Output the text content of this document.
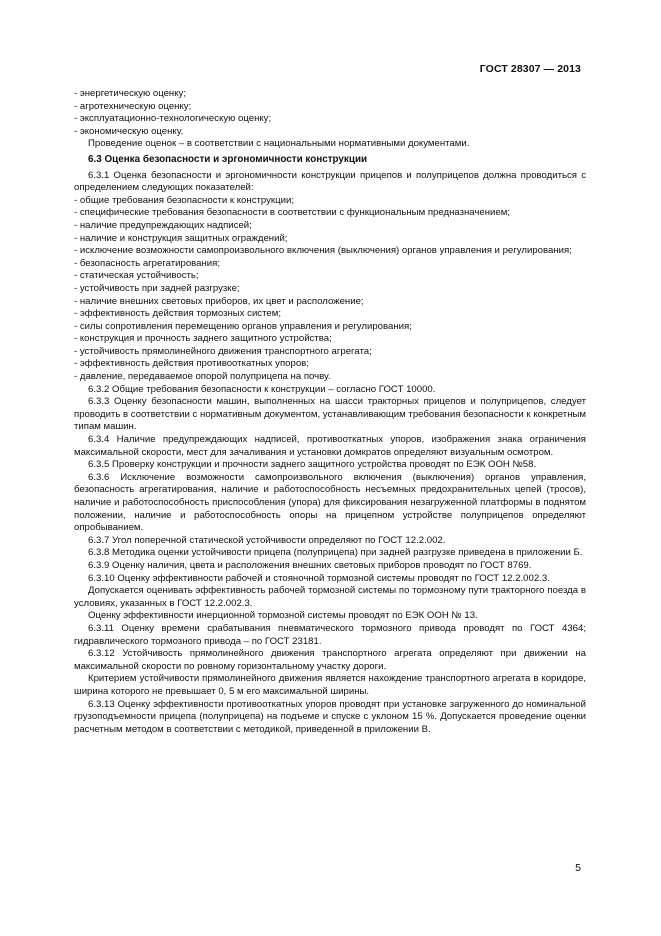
ГОСТ 28307 — 2013

- энергетическую оценку;

- агротехническую оценку;

- эксплуатационно-технологическую оценку;

- экономическую оценку.

Проведение оценок – в соответствии с национальными нормативными документами.

6.3 Оценка безопасности и эргономичности конструкции

6.3.1 Оценка безопасности и эргономичности конструкции прицепов и полуприцепов должна проводиться с определением следующих показателей:

- общие требования безопасности к конструкции;

- специфические требования безопасности в соответствии с функциональным предназначением;

- наличие предупреждающих надписей;

- наличие и конструкция защитных ограждений;

- исключение возможности самопроизвольного включения (выключения) органов управления и регулирования;

- безопасность агрегатирования;

- статическая устойчивость;

- устойчивость при задней разгрузке;

- наличие внешних световых приборов, их цвет и расположение;

- эффективность действия тормозных систем;

- силы сопротивления перемещению органов управления и регулирования;

- конструкция и прочность заднего защитного устройства;

- устойчивость прямолинейного движения транспортного агрегата;

- эффективность действия противооткатных упоров;

- давление, передаваемое опорой полуприцепа на почву.

6.3.2 Общие требования безопасности к конструкции – согласно ГОСТ 10000.

6.3.3 Оценку безопасности машин, выполненных на шасси тракторных прицепов и полуприцепов, следует проводить в соответствии с нормативным документом, устанавливающим требования безопасности к конкретным типам машин.

6.3.4 Наличие предупреждающих надписей, противооткатных упоров, изображения знака ограничения максимальной скорости, мест для зачаливания и установки домкратов определяют визуальным осмотром.

6.3.5 Проверку конструкции и прочности заднего защитного устройства проводят по ЕЭК ООН №58.

6.3.6 Исключение возможности самопроизвольного включения (выключения) органов управления, безопасность агрегатирования, наличие и работоспособность несъемных предохранительных цепей (тросов), наличие и работоспособность приспособления (упора) для фиксирования незагруженной платформы в поднятом положении, наличие и работоспособность опоры на прицепном устройстве полуприцепов определяют опробыванием.

6.3.7 Угол поперечной статической устойчивости определяют по ГОСТ 12.2.002.

6.3.8 Методика оценки устойчивости прицепа (полуприцепа) при задней разгрузке приведена в приложении Б.

6.3.9 Оценку наличия, цвета и расположения внешних световых приборов проводят по ГОСТ 8769.

6.3.10 Оценку эффективности рабочей и стояночной тормозной системы проводят по ГОСТ 12.2.002.3.

Допускается оценивать эффективность рабочей тормозной системы по тормозному пути тракторного поезда в условиях, указанных в ГОСТ 12.2.002.3.

Оценку эффективности инерционной тормозной системы проводят по ЕЭК ООН № 13.

6.3.11 Оценку времени срабатывания пневматического тормозного привода проводят по ГОСТ 4364; гидравлического тормозного привода – по ГОСТ 23181.

6.3.12 Устойчивость прямолинейного движения транспортного агрегата определяют при движении на максимальной скорости по ровному горизонтальному участку дороги.

Критерием устойчивости прямолинейного движения является нахождение транспортного агрегата в коридоре, ширина которого не превышает 0, 5 м его максимальной ширины.

6.3.13 Оценку эффективности противооткатных упоров проводят при установке загруженного до номинальной грузоподъемности прицепа (полуприцепа) на подъеме и спуске с уклоном 15 %. Допускается проведение оценки расчетным методом в соответствии с методикой, приведенной в приложении В.

5
